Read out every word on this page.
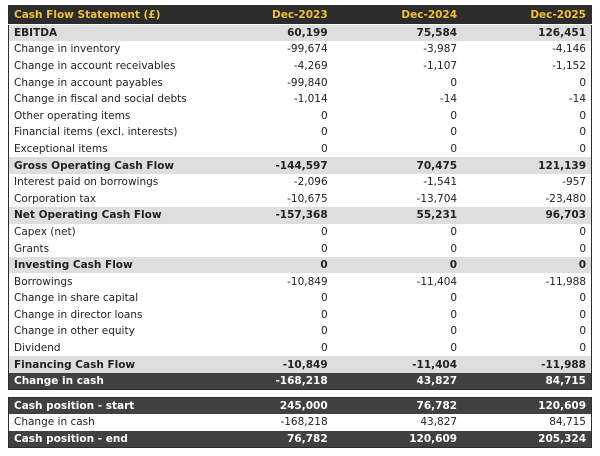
Cash Flow Statement (£)	Dec-2023	Dec-2024	Dec-2025
EBITDA	60,199	75,584	126,451
Change in inventory	-99,674	-3,987	-4,146
Change in account receivables	-4,269	-1,107	-1,152
Change in account payables	-99,840	0	0
Change in fiscal and social debts	-1,014	-14	-14
Other operating items	0	0	0
Financial items (excl. interests)	0	0	0
Exceptional items	0	0	0
Gross Operating Cash Flow	-144,597	70,475	121,139
Interest paid on borrowings	-2,096	-1,541	-957
Corporation tax	-10,675	-13,704	-23,480
Net Operating Cash Flow	-157,368	55,231	96,703
Capex (net)	0	0	0
Grants	0	0	0
Investing Cash Flow	0	0	0
Borrowings	-10,849	-11,404	-11,988
Change in share capital	0	0	0
Change in director loans	0	0	0
Change in other equity	0	0	0
Dividend	0	0	0
Financing Cash Flow	-10,849	-11,404	-11,988
Change in cash	-168,218	43,827	84,715
Cash position - start	245,000	76,782	120,609
Change in cash	-168,218	43,827	84,715
Cash position - end	76,782	120,609	205,324
